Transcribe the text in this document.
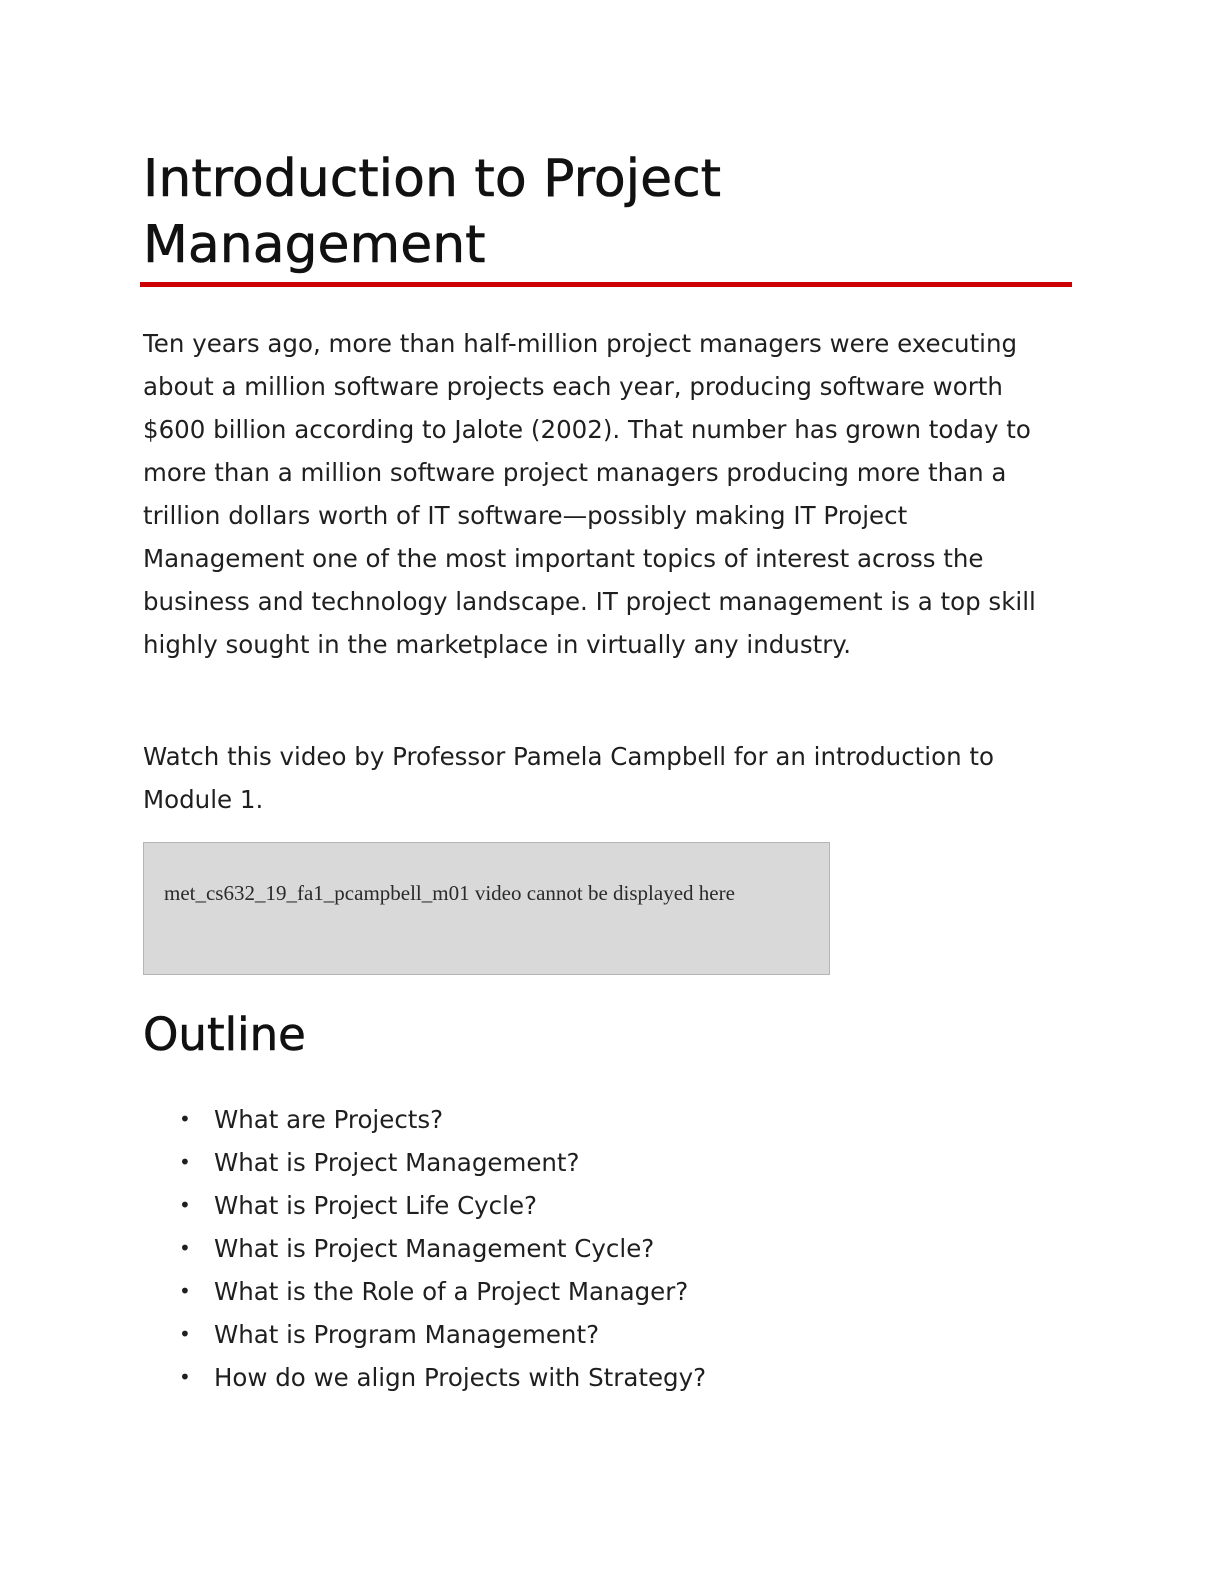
Introduction to Project Management

Ten years ago, more than half-million project managers were executing about a million software projects each year, producing software worth $600 billion according to Jalote (2002). That number has grown today to more than a million software project managers producing more than a trillion dollars worth of IT software—possibly making IT Project Management one of the most important topics of interest across the business and technology landscape. IT project management is a top skill highly sought in the marketplace in virtually any industry.

Watch this video by Professor Pamela Campbell for an introduction to Module 1.

met_cs632_19_fa1_pcampbell_m01 video cannot be displayed here
Outline
• What are Projects?
• What is Project Management?
• What is Project Life Cycle?
• What is Project Management Cycle?
• What is the Role of a Project Manager?
• What is Program Management?
• How do we align Projects with Strategy?
